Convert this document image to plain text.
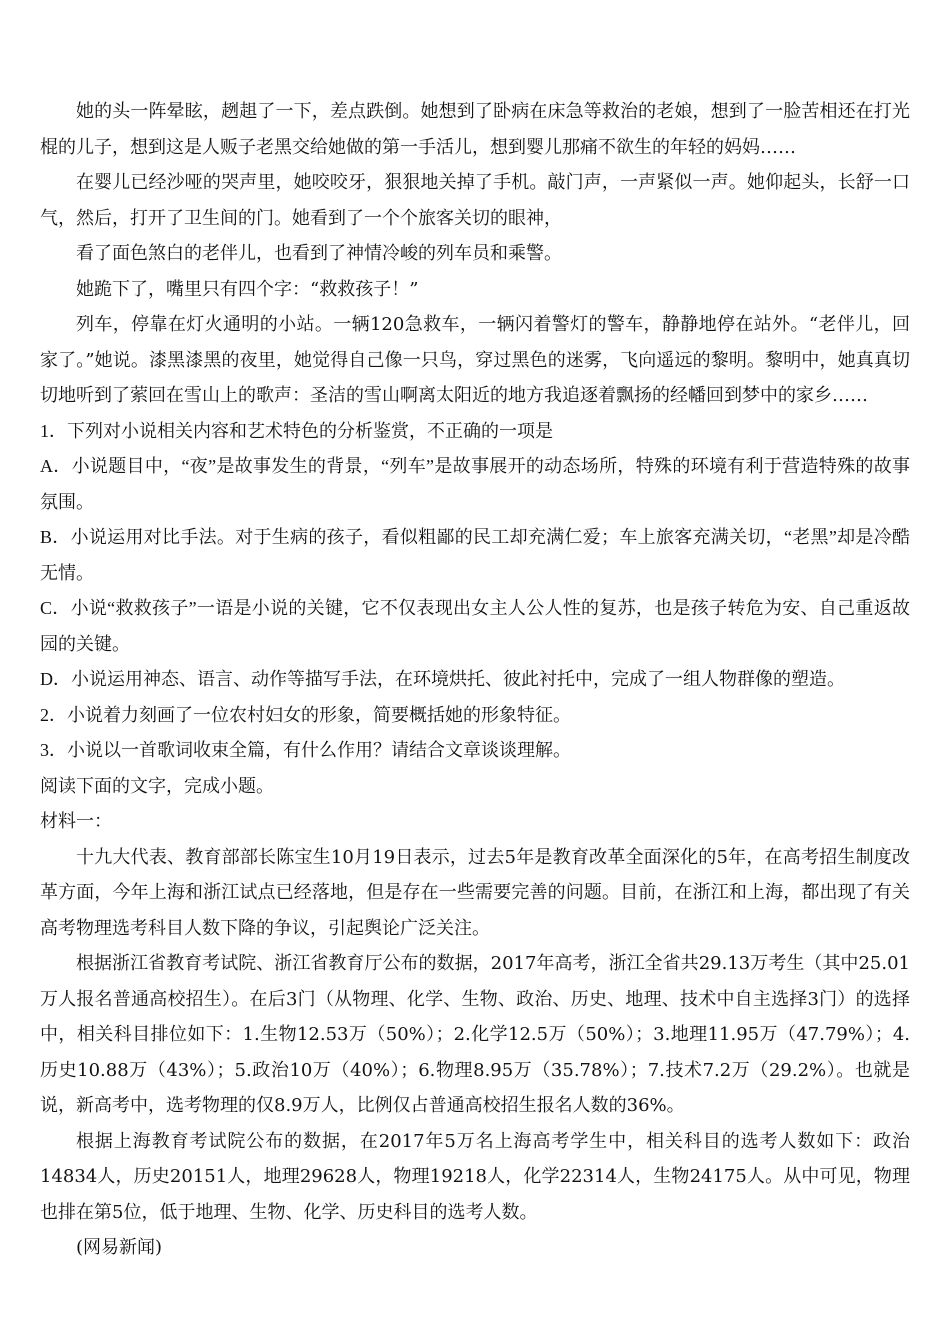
她的头一阵晕眩，趔趄了一下，差点跌倒。她想到了卧病在床急等救治的老娘，想到了一脸苦相还在打光棍的儿子，想到这是人贩子老黑交给她做的第一手活儿，想到婴儿那痛不欲生的年轻的妈妈……

在婴儿已经沙哑的哭声里，她咬咬牙，狠狠地关掉了手机。敲门声，一声紧似一声。她仰起头，长舒一口气，然后，打开了卫生间的门。她看到了一个个旅客关切的眼神，

看了面色煞白的老伴儿，也看到了神情冷峻的列车员和乘警。

她跪下了，嘴里只有四个字：“救救孩子！”

列车，停靠在灯火通明的小站。一辆120急救车，一辆闪着警灯的警车，静静地停在站外。“老伴儿，回家了。”她说。漆黑漆黑的夜里，她觉得自己像一只鸟，穿过黑色的迷雾，飞向遥远的黎明。黎明中，她真真切切地听到了萦回在雪山上的歌声：圣洁的雪山啊离太阳近的地方我追逐着飘扬的经幡回到梦中的家乡……

1．下列对小说相关内容和艺术特色的分析鉴赏，不正确的一项是

A．小说题目中，“夜”是故事发生的背景，“列车”是故事展开的动态场所，特殊的环境有利于营造特殊的故事氛围。

B．小说运用对比手法。对于生病的孩子，看似粗鄙的民工却充满仁爱；车上旅客充满关切，“老黑”却是冷酷无情。

C．小说“救救孩子”一语是小说的关键，它不仅表现出女主人公人性的复苏，也是孩子转危为安、自己重返故园的关键。

D．小说运用神态、语言、动作等描写手法，在环境烘托、彼此衬托中，完成了一组人物群像的塑造。

2．小说着力刻画了一位农村妇女的形象，简要概括她的形象特征。

3．小说以一首歌词收束全篇，有什么作用？请结合文章谈谈理解。

阅读下面的文字，完成小题。

材料一：

十九大代表、教育部部长陈宝生10月19日表示，过去5年是教育改革全面深化的5年，在高考招生制度改革方面，今年上海和浙江试点已经落地，但是存在一些需要完善的问题。目前，在浙江和上海，都出现了有关高考物理选考科目人数下降的争议，引起舆论广泛关注。

根据浙江省教育考试院、浙江省教育厅公布的数据，2017年高考，浙江全省共29.13万考生（其中25.01万人报名普通高校招生）。在后3门（从物理、化学、生物、政治、历史、地理、技术中自主选择3门）的选择中，相关科目排位如下：1.生物12.53万（50%）；2.化学12.5万（50%）；3.地理11.95万（47.79%）；4.历史10.88万（43%）；5.政治10万（40%）；6.物理8.95万（35.78%）；7.技术7.2万（29.2%）。也就是说，新高考中，选考物理的仅8.9万人，比例仅占普通高校招生报名人数的36%。

根据上海教育考试院公布的数据，在2017年5万名上海高考学生中，相关科目的选考人数如下：政治14834人，历史20151人，地理29628人，物理19218人，化学22314人，生物24175人。从中可见，物理也排在第5位，低于地理、生物、化学、历史科目的选考人数。

(网易新闻)
